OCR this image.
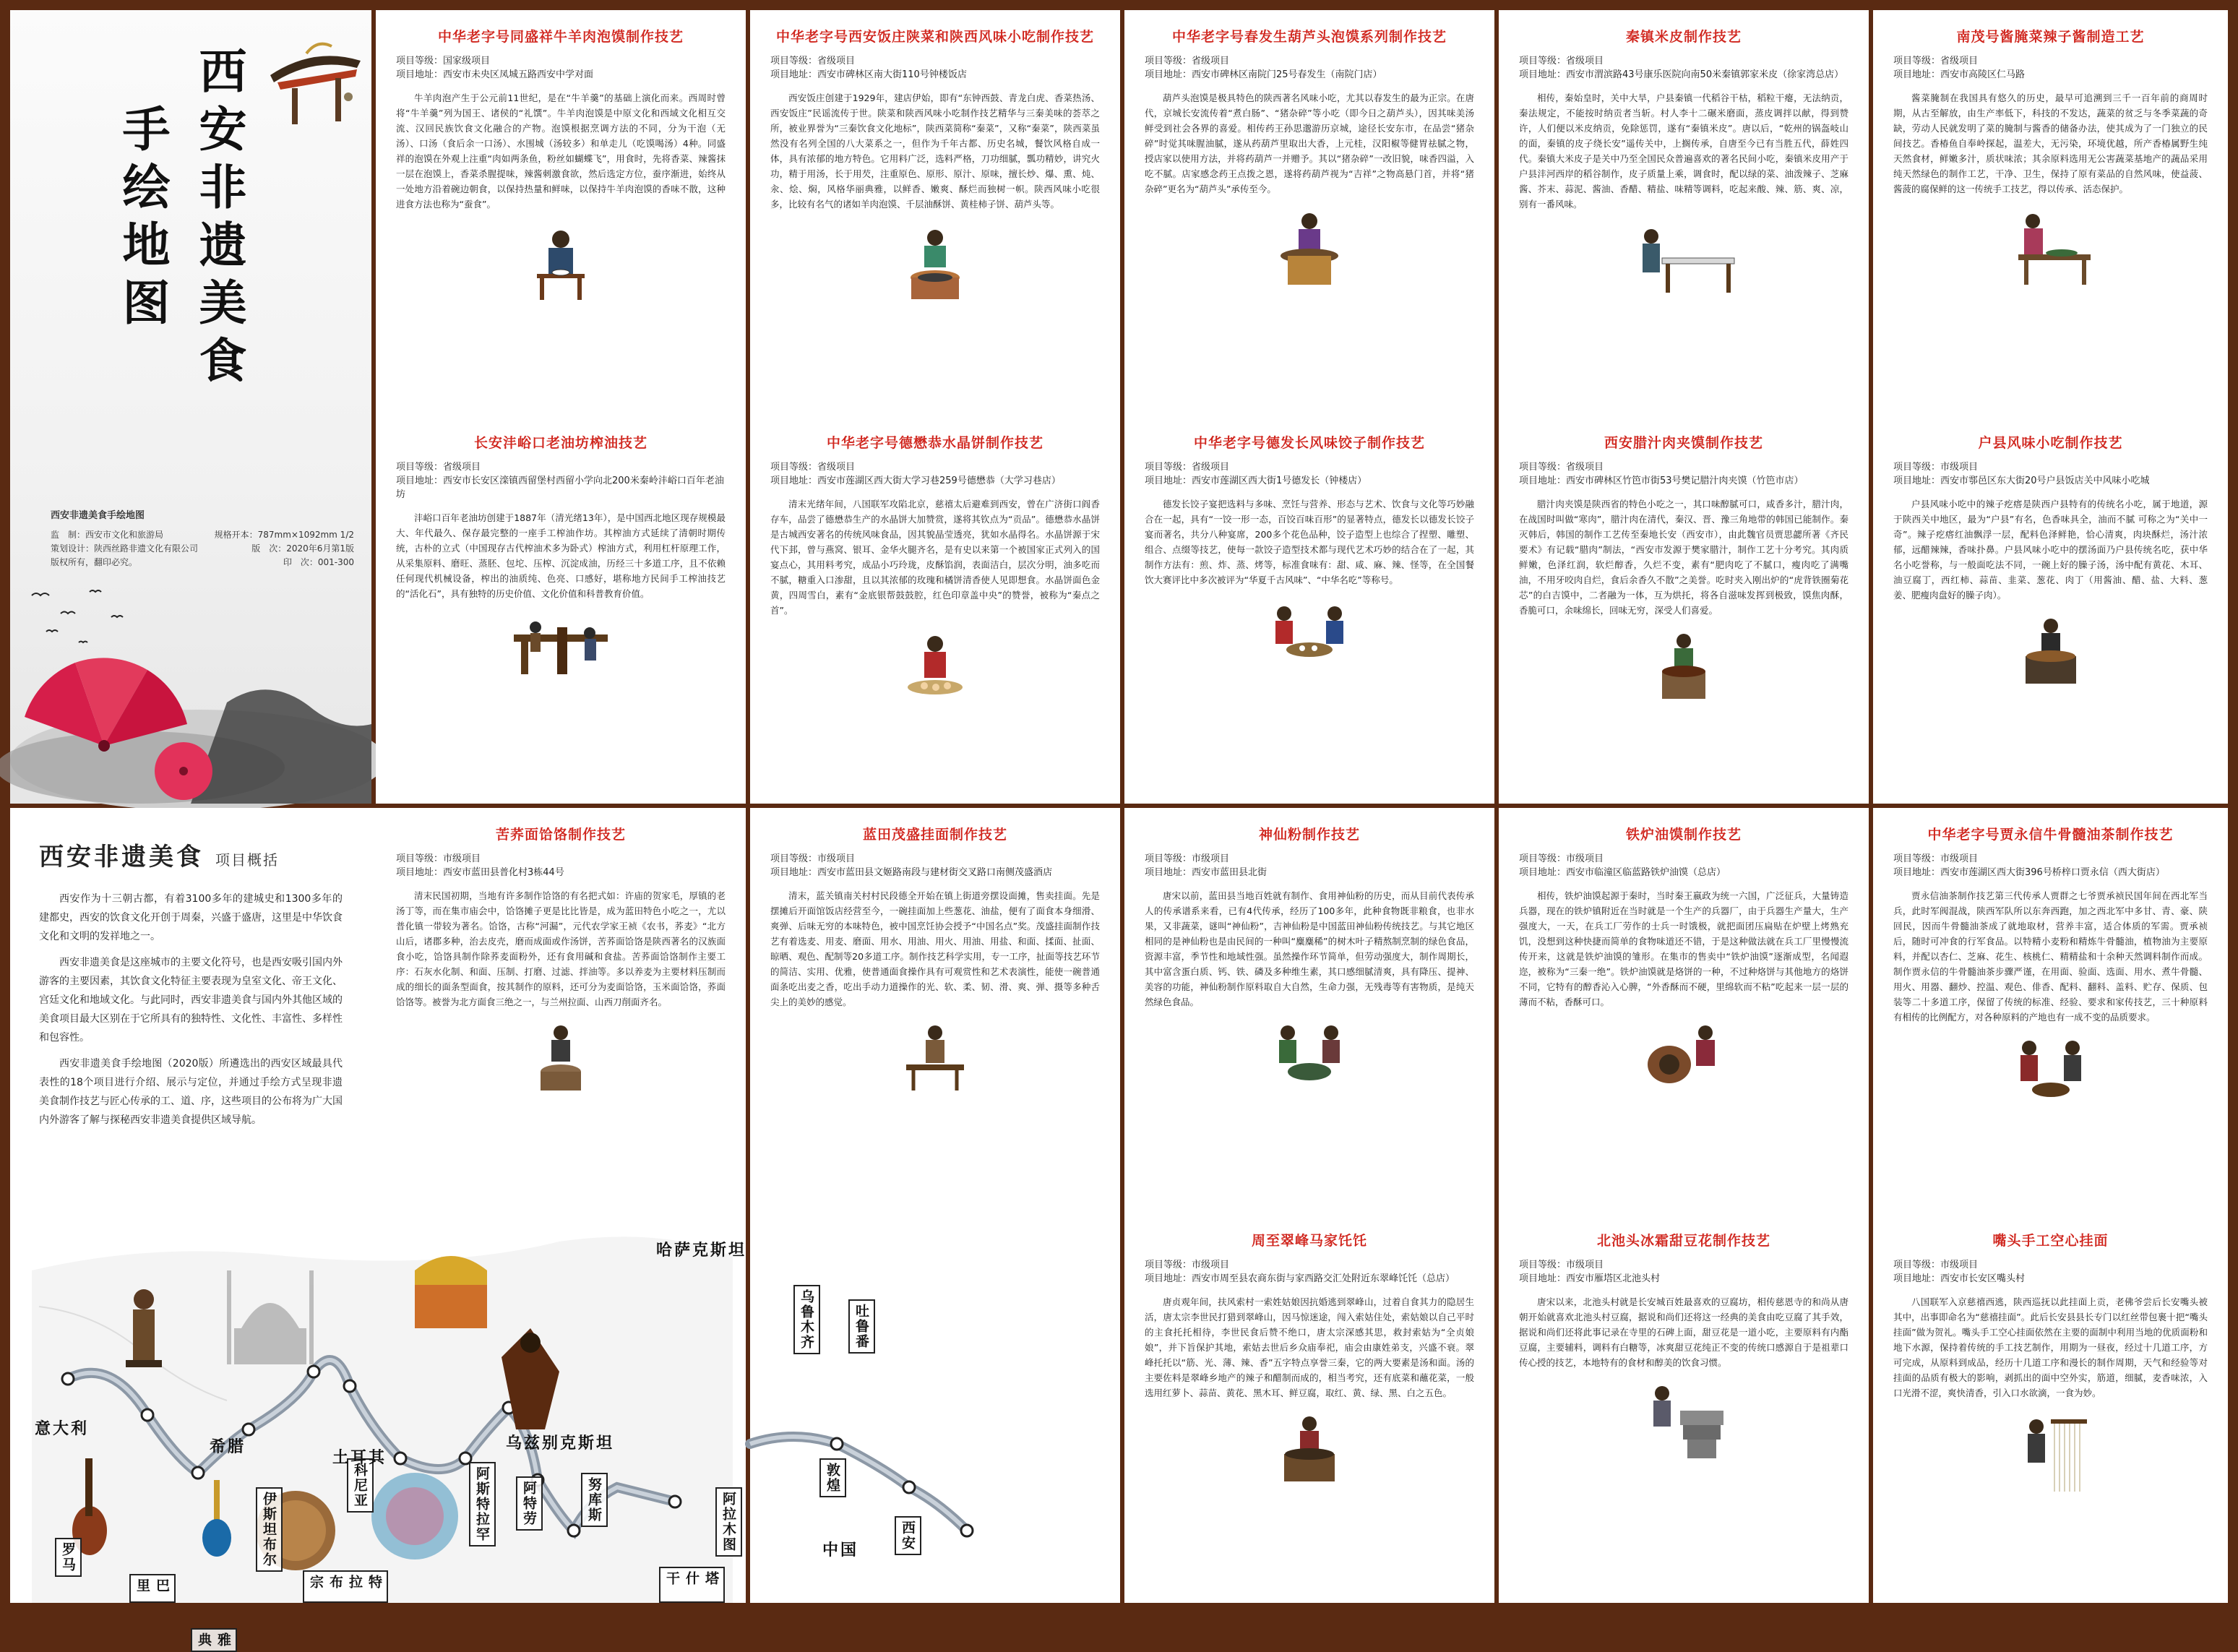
西安非遗美食
手绘地图
西安非遗美食手绘地图
监　制：西安市文化和旅游局	规格开本：787mm×1092mm 1/2
策划设计：陕西丝路非遗文化有限公司	版　次：2020年6月第1版
版权所有，翻印必究。	印　次：001-300
中华老字号同盛祥牛羊肉泡馍制作技艺
项目等级：国家级项目
项目地址：西安市未央区凤城五路西安中学对面
牛羊肉泡产生于公元前11世纪，是在“牛羊羹”的基础上演化而来。西周时曾将“牛羊羹”列为国王、诸侯的“礼馔”。牛羊肉泡馍是中原文化和西域文化相互交流、汉回民族饮食文化融合的产物。泡馍根据烹调方法的不同，分为干泡（无汤）、口汤（食后余一口汤）、水围城（汤较多）和单走儿（吃馍喝汤）4种。同盛祥的泡馍在外观上注重“肉如两条鱼，粉丝如蝴蝶飞”，用食时，先将香菜、辣酱抹一层在泡馍上，香菜杀腥提味，辣酱刺激食欲，然后选定方位，蚕序渐进，始终从一处地方沿着碗边朝食，以保持热量和鲜味，以保持牛羊肉泡馍的香味不散，这种进食方法也称为“蚕食”。
长安沣峪口老油坊榨油技艺
项目等级：省级项目
项目地址：西安市长安区滦镇西留堡村西留小学向北200米秦岭沣峪口百年老油坊
沣峪口百年老油坊创建于1887年（清光绪13年），是中国西北地区现存规模最大、年代最久、保存最完整的一座手工榨油作坊。其榨油方式延续了清朝时期传统，古朴的立式（中国现存古代榨油术多为卧式）榨油方式，利用杠杆原理工作，从采集原料、磨旺、蒸胚、包坨、压榨、沉淀成油，历经三十多道工序，且不依赖任何现代机械设备，榨出的油质纯、色亮、口感好，堪称地方民间手工榨油技艺的“活化石”，具有独特的历史价值、文化价值和科普教育价值。
中华老字号西安饭庄陕菜和陕西风味小吃制作技艺
项目等级：省级项目
项目地址：西安市碑林区南大街110号钟楼饭店
西安饭庄创建于1929年，建店伊始，即有“东钟西鼓、青龙白虎、香菜热汤、西安饭庄”民谣流传于世。陕菜和陕西风味小吃制作技艺精华与三秦美味的荟萃之所，被业界誉为“三秦饮食文化地标”，陕西菜简称“秦菜”，又称“秦菜”，陕西菜虽然没有名列全国的八大菜系之一，但作为千年古都、历史名城，餐饮风格自成一体，具有浓郁的地方特色。它用料广泛，选料严格，刀功细腻，瓢功精妙，讲究火功，精于用汤，长于用芡，注重原色、原形、原汁、原味，擅长炒、爆、熏、炖、汆、烩、焖，风格华丽典雅，以鲜香、嫩爽、酥烂而独树一帜。陕西风味小吃很多，比较有名气的诸如羊肉泡馍、千层油酥饼、黄桂柿子饼、葫芦头等。
中华老字号德懋恭水晶饼制作技艺
项目等级：省级项目
项目地址：西安市莲湖区西大街大学习巷259号德懋恭（大学习巷店）
清末光绪年间，八国联军攻陷北京，慈禧太后避难到西安，曾在广济街口阎香存车，品尝了德懋恭生产的水晶饼大加赞赏，遂将其钦点为“贡品”。德懋恭水晶饼是古城西安著名的传统风味食品，因其貌晶莹透亮，犹如水晶得名。水晶饼源于宋代下邽，曾与燕窝、银耳、金华火腿齐名，是有史以来第一个被国家正式列入的国宴点心，其用料考究，成品小巧玲珑，皮酥馅润，表面洁白，层次分明，油多吃而不腻，糖重入口渗甜，且以其浓郁的玫瑰和橘饼清香使人见即想食。水晶饼面色金黄，四周雪白，素有“金底银帮鼓鼓腔，红色印章盖中央”的赞誉，被称为“秦点之首”。
中华老字号春发生葫芦头泡馍系列制作技艺
项目等级：省级项目
项目地址：西安市碑林区南院门25号春发生（南院门店）
葫芦头泡馍是极具特色的陕西著名风味小吃，尤其以春发生的最为正宗。在唐代，京城长安流传着“煮白肠”、“猪杂碎”等小吃（即今日之葫芦头），因其味美汤鲜受到社会各界的喜爱。相传药王孙思邈游历京城，途径长安东市，在品尝“猪杂碎”时觉其味腥油腻，遂从药葫芦里取出大香，上元桂，汉阳椒等健胃祛腻之物，授店家以使用方法，并将药葫芦一并赠予。其以“猪杂碎”一改旧貌，味香四溢，入吃不腻。店家感念药王点拨之恩，遂将药葫芦视为“吉祥”之物高悬门首，并将“猪杂碎”更名为“葫芦头”承传至今。
中华老字号德发长风味饺子制作技艺
项目等级：省级项目
项目地址：西安市莲湖区西大街1号德发长（钟楼店）
德发长饺子宴把选料与多味、烹饪与营养、形态与艺术、饮食与文化等巧妙融合在一起，具有“一饺一形一态，百饺百味百形”的显著特点，德发长以德发长饺子宴而著名，共分八种宴席，200多个花色品种，饺子造型上也综合了捏塑、雕塑、组合、点缀等技艺，使每一款饺子造型技术都与现代艺术巧妙的结合在了一起，其制作方法有：煎、炸、蒸、烤等，标准食味有：甜、咸、麻、辣、怪等，在全国餐饮大赛评比中多次被评为“华夏千古风味”、“中华名吃”等称号。
秦镇米皮制作技艺
项目等级：省级项目
项目地址：西安市渭滨路43号康乐医院向南50米秦镇郭家米皮（徐家湾总店）
相传，秦始皇时，关中大旱，户县秦镇一代稻谷干枯，稻粒干瘪，无法纳贡，秦法规定，不能按时纳贡者当斩。村人李十二碾米磨面，蒸皮调拌以献，得到赞许，人们便以米皮纳贡，免除惩罚，遂有“秦镇米皮”。唐以后，“乾州的锅盔岐山的面，秦镇的皮子绕长安”遥传关中，上搁传承，自唐至今已有当胜五代，薛姓四代。秦镇大米皮子是关中乃至全国民众普遍喜欢的著名民间小吃，秦镇米皮用产于户县沣河西岸的稻谷制作，皮子质量上乘，调食时，配以绿的菜、油泼辣子、芝麻酱、芥末、蒜泥、酱油、香醋、精盐、味精等调料，吃起来酸、辣、筋、爽、凉，别有一番风味。
西安腊汁肉夹馍制作技艺
项目等级：省级项目
项目地址：西安市碑林区竹笆市街53号樊记腊汁肉夹馍（竹笆市店）
腊汁肉夹馍是陕西省的特色小吃之一，其口味醇腻可口，咸香多汁，腊汁肉，在战国时叫做“寒肉”，腊汁肉在清代，秦汉、晋、豫三角地带的韩国已能制作。秦灭韩后，韩国的制作工艺传至秦地长安（西安市），由此魏官员贾思勰所著《齐民要术》有记载“腊肉”制法，“西安市发源于樊家腊汁，制作工艺十分考究。其肉质鲜嫩，色泽红润，软烂醇香，久烂不变，素有“肥肉吃了不腻口，瘦肉吃了满嘴油，不用牙咬肉自烂，食后余香久不散”之美誉。吃时夹入刚出炉的“虎背铁圈菊花芯”的白吉馍中，二者融为一体，互为烘托，将各自滋味发挥到极致，馍焦肉酥，香脆可口，余味绵长，回味无穷，深受人们喜爱。
南茂号酱腌菜辣子酱制造工艺
项目等级：省级项目
项目地址：西安市高陵区仁马路
酱菜腌制在我国具有悠久的历史，最早可追溯到三千一百年前的商周时期，从古至解放，由生产率低下，科技的不发达，蔬菜的贫乏与冬季菜蔬的奇缺，劳动人民就发明了菜的腌制与酱香的储备办法，使其成为了一门独立的民间技艺。香椿鱼自奉岭探起，温差大，无污染，环境优越，所产香椿属野生纯天然食材，鲜嫩多汁，质状味浓；其余原料选用无公害蔬菜基地产的蔬品采用纯天然绿色的制作工艺，干净、卫生，保持了原有菜品的自然风味，使益菠、酱菠的腐保鲜的这一传统手工技艺，得以传承、活态保护。
户县风味小吃制作技艺
项目等级：市级项目
项目地址：西安市鄠邑区东大街20号户县饭店关中风味小吃城
户县风味小吃中的辣子疙瘩是陕西户县特有的传统名小吃，属于地道，源于陕西关中地区，最为“户县”有名，色香味具全，油而不腻 可称之为“关中一奇”。辣子疙瘩红油飘浮一层，配料色泽鲜艳，恰心清爽，肉块酥烂，汤汁浓郁，远醋辣辣，香味扑鼻。户县风味小吃中的摆汤面乃户县传统名吃，获中华名小吃誉称，与一般面吃法不同，一碗上好的臊子汤，汤中配有黄花、木耳、油豆腐丁，西红柿、蒜苗、韭菜、葱花、肉丁（用酱油、醋、盐、大料、葱姜、肥瘦肉盘好的臊子肉）。
西安非遗美食 项目概括
西安作为十三朝古都，有着3100多年的建城史和1300多年的建都史，西安的饮食文化开创于周秦，兴盛于盛唐，这里是中华饮食文化和文明的发祥地之一。
西安非遗美食是这座城市的主要文化符号，也是西安吸引国内外游客的主要因素，其饮食文化特征主要表现为皇室文化、帝王文化、宫廷文化和地域文化。与此同时，西安非遗美食与国内外其他区域的美食项目最大区别在于它所具有的独特性、文化性、丰富性、多样性和包容性。
西安非遗美食手绘地图（2020版）所遴选出的西安区域最具代表性的18个项目进行介绍、展示与定位，并通过手绘方式呈现非遗美食制作技艺与匠心传承的工、道、序，这些项目的公布将为广大国内外游客了解与探秘西安非遗美食提供区域导航。
罗马
巴里
雅典
伊斯坦布尔
科尼亚
特拉布宗
阿斯特拉罕	阿特劳	努库斯
塔什干
阿拉木图
蓝田茂盛挂面制作技艺
项目等级：市级项目
项目地址：西安市蓝田县文姬路南段与建材街交叉路口南侧茂盛酒店
清末，蓝关镇南关村村民段德全开始在镇上街道旁摆设面摊，售卖挂面。先是摆摊后开面馆饭店经营至今，一碗挂面加上些葱花、油盐，便有了面食本身细滑、爽弹、后味无穷的本味特色，被中国烹饪协会授予“中国名点”奖。茂盛挂面制作技艺有着选麦、用麦、磨面、用水、用油、用火、用油、用盐、和面、揉面、扯面、晾晒、观色、配制等20多道工序。制作技艺科学实用，专一工序，扯面等技艺环节的简洁、实用、优雅，使普通面食操作具有可观赏性和艺术表演性，能使一碗普通面条吃出麦之香，吃出手动力道操作的光、软、柔、韧、滑、爽、弹、摄等多种舌尖上的美妙的感觉。
哈萨克斯坦
敦煌
中国	西安
乌鲁木齐	吐鲁番
意大利
希腊
土耳其
乌兹别克斯坦
苦荞面饸饹制作技艺
项目等级：市级项目
项目地址：西安市蓝田县普化村3栋44号
清末民国初期，当地有许多制作饸饹的有名把式如：许庙的贺家毛，厚镇的老汤丁等，而在集市庙会中，饸饹摊子更是比比皆是，成为蓝田特色小吃之一，尤以普化镇一带较为著名。饸饹，古称“河漏”，元代农学家王祯《农书，荞麦》“北方山后，诸郡多种，治去皮壳，磨而成面或作汤饼，苦荞面饸饹是陕西著名的汉族面食小吃，饸饹具制作除荞麦面粉外，还有食用碱和食盐。苦荞面饸饹制作主要工序：石灰水化制、和面、压制、打磨、过滤、拌油等。多以养麦为主要材料压制而成的细长的面条型面食，按其制作的原料，还可分为麦面饸饹，玉米面饸饹，荞面饸饹等。被誉为北方面食三绝之一，与兰州拉面、山西刀削面齐名。
神仙粉制作技艺
项目等级：市级项目
项目地址：西安市蓝田县北街
唐宋以前，蓝田县当地百姓就有制作、食用神仙粉的历史，而从目前代表传承人的传承谱系来看，已有4代传承，经历了100多年，此种食物既非粮食，也非水果，又非蔬菜，谜叫“神仙粉”，吉神仙粉是中国蓝田神仙粉传统技艺。与其它地区相同的是神仙粉也是由民间的一种叫“麋麋稀”的树木叶子精熬制烹制的绿色食品，资源丰富，季节性和地域性强。虽然操作环节简单，但劳动强度大，制作周期长，其中富含蛋白质、钙、铁、磷及多种维生素，其口感细腻清爽，具有降压、提神、美容的功能，神仙粉制作原料取自大自然，生命力强，无残毒等有害物质，是纯天然绿色食品。
周至翠峰马家饦饦
项目等级：市级项目
项目地址：西安市周至县农商东街与家西路交汇处附近东翠峰饦饦（总店）
唐贞观年间，扶风索村一索姓姑娘因抗婚逃到翠峰山，过着自食其力的隐居生活，唐太宗李世民打猎到翠峰山，因马惊迷途，闯入索姑住处，索姑娘以自己平时的主食托托相待，李世民食后赞不绝口，唐太宗深感其思，救封索姑为“全贞娘娘”，并下旨保护其地，索姑去世后乡众庙奉祀，庙会由康姓弟支，兴盛不衰。翠峰托托以“筋、光、薄、辣、香”五字特点享誉三秦，它的两大要素是汤和面。汤的主要佐料是翠峰乡地产的辣子和醋制而成的，相当考究，还有底菜和蘸花菜，一般选用红萝卜、蒜苗、黄花、黑木耳、鲜豆腐，取红、黄、绿、黑、白之五色。
铁炉油馍制作技艺
项目等级：市级项目
项目地址：西安市临潼区临蓝路铁炉油馍（总店）
相传，铁炉油馍起源于秦时，当时秦王嬴政为统一六国，广泛征兵，大量铸造兵器，现在的铁炉镇附近在当时就是一个生产的兵器厂，由于兵器生产量大，生产强度大，一天，在兵工厂劳作的士兵一时饿极，就把面团压扁贴在炉壁上烤熟充饥，没想到这种快捷而简单的食物味道还不错，于是这种做法就在兵工厂里慢慢流传开来，这就是铁炉油馍的雏形。在集市的售卖中“铁炉油馍”逐渐成型，名闻遐迩，被称为“三秦一绝”。铁炉油馍就是烙饼的一种，不过种烙饼与其他地方的烙饼不同，它特有的醇香沁入心脾，“外香酥而不硬，里绵软而不粘”吃起来一层一层的薄而不粘，香酥可口。
北池头冰霜甜豆花制作技艺
项目等级：市级项目
项目地址：西安市雁塔区北池头村
唐宋以来，北池头村就是长安城百姓最喜欢的豆腐坊，相传慈恩寺的和尚从唐朝开始就喜欢北池头村豆腐，据说和尚们还将这一经典的美食由吃豆腐了其手效，据说和尚们还将此事记录在寺里的石碑上面，甜豆花是一道小吃，主要原料有内酯豆腐，主要辅料，调料有白糖等，冰爽甜豆花纯正不变的传统口感源自于是祖辈口传心授的技艺，本地特有的食材和醇美的饮食习惯。
中华老字号贾永信牛骨髓油茶制作技艺
项目等级：市级项目
项目地址：西安市莲湖区西大街396号桥梓口贾永信（西大街店）
贾永信油茶制作技艺第三代传承人贾群之七爷贾承祯民国年间在西北军当兵，此时军阀混战，陕西军队所以东奔西跑，加之西北军中多甘、青、豪、陕回民，因而牛骨髓油茶成了就地取材，营养丰富，适合体质的军需。贾承祯后，随时可冲食的行军食品。以特精小麦粉和精炼牛骨髓油，植物油为主要原料，并配以杏仁、芝麻、花生、核桃仁、精精盐和十余种天然调料制作而成。制作贾永信的牛骨髓油茶步骤严谨，在用面、验面、选面、用水、煮牛骨髓、用火、用器、翻炒、控温、观色、俳香、配料、翻料、盖料、贮存、保质、包装等二十多道工序，保留了传统的标准、经验、要求和家传技艺，三十种原料有相传的比例配方，对各种原料的产地也有一成不变的品质要求。
嘴头手工空心挂面
项目等级：市级项目
项目地址：西安市长安区嘴头村
八国联军入京慈禧西逃，陕西巡抚以此挂面上贡，老佛爷尝后长安嘴头被其中，出事即命名为“慈禧挂面”。此后长安县县长专门以红丝带包裹十把“嘴头挂面”做为贺礼。嘴头手工空心挂面依然在主要的面制中利用当地的优质面粉和地下水源，保持着传统的手工技艺制作，用期为一昼夜，经过十几道工序，方可完成，从原料到成品，经历十几道工序和漫长的制作周期，天气和经验等对挂面的品质有极大的影响，剥抓出的面中空外实，筋道，细腻，麦香味浓，入口光滑不涩，爽快清香，引入口水欲滴，一食为妙。
